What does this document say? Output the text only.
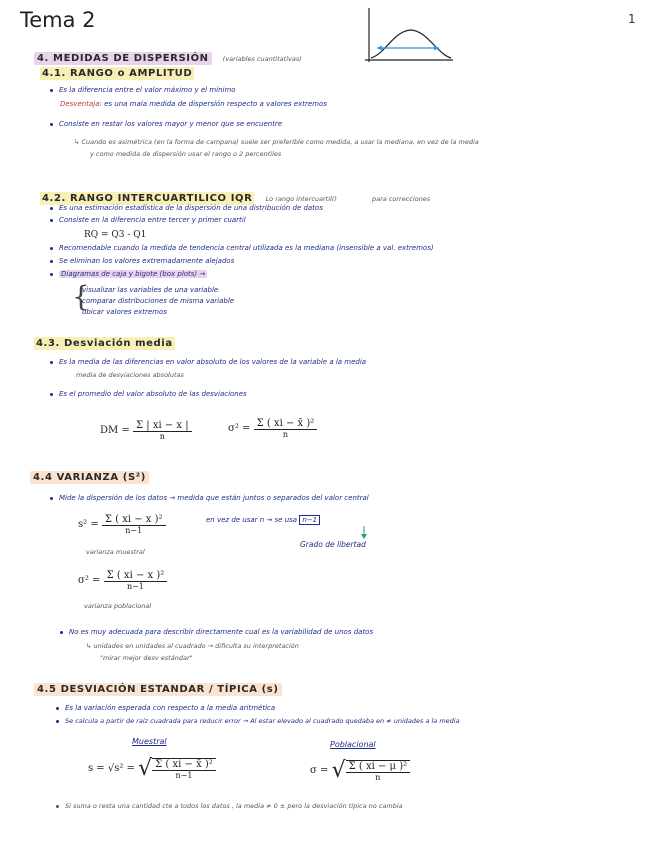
Tema 2	1
4. MEDIDAS DE DISPERSIÓN (variables cuantitativas)
4.1. RANGO o AMPLITUD
Es la diferencia entre el valor máximo y el mínimo
Desventaja: es una mala medida de dispersión respecto a valores extremos
Consiste en restar los valores mayor y menor que se encuentre
↳ Cuando es asimétrica (en la forma de campana) suele ser preferible como medida, a usar la mediana, en vez de la media
y como medida de dispersión usar el rango o 2 percentiles
4.2. RANGO INTERCUARTILICO IQR Lo rango intercuartil()	para correcciones
Es una estimación estadística de la dispersión de una distribución de datos
Consiste en la diferencia entre tercer y primer cuartil
RQ = Q3 - Q1
Recomendable cuando la medida de tendencia central utilizada es la mediana (insensible a val. extremos)
Se eliminan los valores extremadamente alejados
Diagramas de caja y bigote (box plots) →
{
visualizar las variables de una variable
comparar distribuciones de misma variable
ubicar valores extremos
4.3. Desviación media
Es la media de las diferencias en valor absoluto de los valores de la variable a la media
media de desviaciones absolutas
Es el promedio del valor absoluto de las desviaciones
DM = $\frac{\Sigma | xi - x |}{n}$	$\sigma^2 = \frac{\text{Σ ( xi − x̄ )²}}{n}$
4.4 VARIANZA (S²)
Mide la dispersión de los datos → medida que están juntos o separados del valor central
$s^2 = \frac{\text{Σ ( xi − x )²}}{n-1}$	en vez de usar n → se usa n−1
Grado de libertad
varianza muestral
$\sigma^2 = \frac{\text{Σ ( xi − x )²}}{n-1}$
varianza poblacional
No es muy adecuada para describir directamente cual es la variabilidad de unos datos
↳ unidades en unidades al cuadrado → dificulta su interpretación
"mirar mejor desv estándar"
4.5 DESVIACIÓN ESTANDAR / TÍPICA (s)
Es la variación esperada con respecto a la media aritmética
Se calcula a partir de raíz cuadrada para reducir error → Al estar elevado al cuadrado quedaba en ≠ unidades a la media
Muestral	Poblacional
s = √s² = √ $\frac{\text{Σ ( xi − x̄ )²}}{n-1}$	σ = √ $\frac{\text{Σ ( xi − μ )²}}{n}$
Si suma o resta una cantidad cte a todos los datos , la media ≠ 0 ± pero la desviación típica no cambia
